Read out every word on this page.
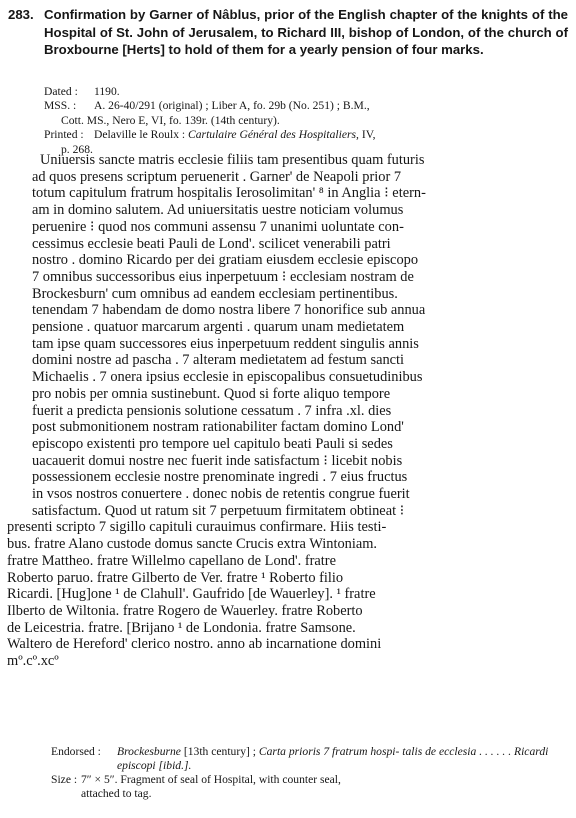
283. Confirmation by Garner of Nâblus, prior of the English chapter of the knights of the Hospital of St. John of Jerusalem, to Richard III, bishop of London, of the church of Broxbourne [Herts] to hold of them for a yearly pension of four marks.
Dated : 1190.
MSS. : A. 26-40/291 (original) ; Liber A, fo. 29b (No. 251) ; B.M.,
Cott. MS., Nero E, VI, fo. 139r. (14th century).
Printed : Delaville le Roulx : Cartulaire Général des Hospitaliers, IV,
p. 268.
Uniuersis sancte matris ecclesie filiis tam presentibus quam futuris
ad quos presens scriptum peruenerit . Garner' de Neapoli prior 7
totum capitulum fratrum hospitalis Ierosolimitan' ⁸ in Anglia ⁝ etern-
am in domino salutem. Ad uniuersitatis uestre noticiam volumus
peruenire ⁝ quod nos communi assensu 7 unanimi uoluntate con-
cessimus ecclesie beati Pauli de Lond'. scilicet venerabili patri
nostro . domino Ricardo per dei gratiam eiusdem ecclesie episcopo
7 omnibus successoribus eius inperpetuum ⁝ ecclesiam nostram de
Brockesburn' cum omnibus ad eandem ecclesiam pertinentibus.
tenendam 7 habendam de domo nostra libere 7 honorifice sub annua
pensione . quatuor marcarum argenti . quarum unam medietatem
tam ipse quam successores eius inperpetuum reddent singulis annis
domini nostre ad pascha . 7 alteram medietatem ad festum sancti
Michaelis . 7 onera ipsius ecclesie in episcopalibus consuetudinibus
pro nobis per omnia sustinebunt. Quod si forte aliquo tempore
fuerit a predicta pensionis solutione cessatum . 7 infra .xl. dies
post submonitionem nostram rationabiliter factam domino Lond'
episcopo existenti pro tempore uel capitulo beati Pauli si sedes
uacauerit domui nostre nec fuerit inde satisfactum ⁝ licebit nobis
possessionem ecclesie nostre prenominate ingredi . 7 eius fructus
in vsos nostros conuertere . donec nobis de retentis congrue fuerit
satisfactum. Quod ut ratum sit 7 perpetuum firmitatem obtineat ⁝
presenti scripto 7 sigillo capituli curauimus confirmare. Hiis testi-
bus. fratre Alano custode domus sancte Crucis extra Wintoniam.
fratre Mattheo. fratre Willelmo capellano de Lond'. fratre
Roberto paruo. fratre Gilberto de Ver. fratre ¹ Roberto filio
Ricardi. [Hug]one ¹ de Clahull'. Gaufrido [de Wauerley]. ¹ fratre
Ilberto de Wiltonia. fratre Rogero de Wauerley. fratre Roberto
de Leicestria. fratre. [Brijano ¹ de Londonia. fratre Samsone.
Waltero de Hereford' clerico nostro. anno ab incarnatione domini
mº.cº.xcº
Endorsed : Brockesburne [13th century] ; Carta prioris 7 fratrum hospi- talis de ecclesia . . . . . . Ricardi episcopi [ibid.].
Size : 7″ × 5″. Fragment of seal of Hospital, with counter seal,
attached to tag.
